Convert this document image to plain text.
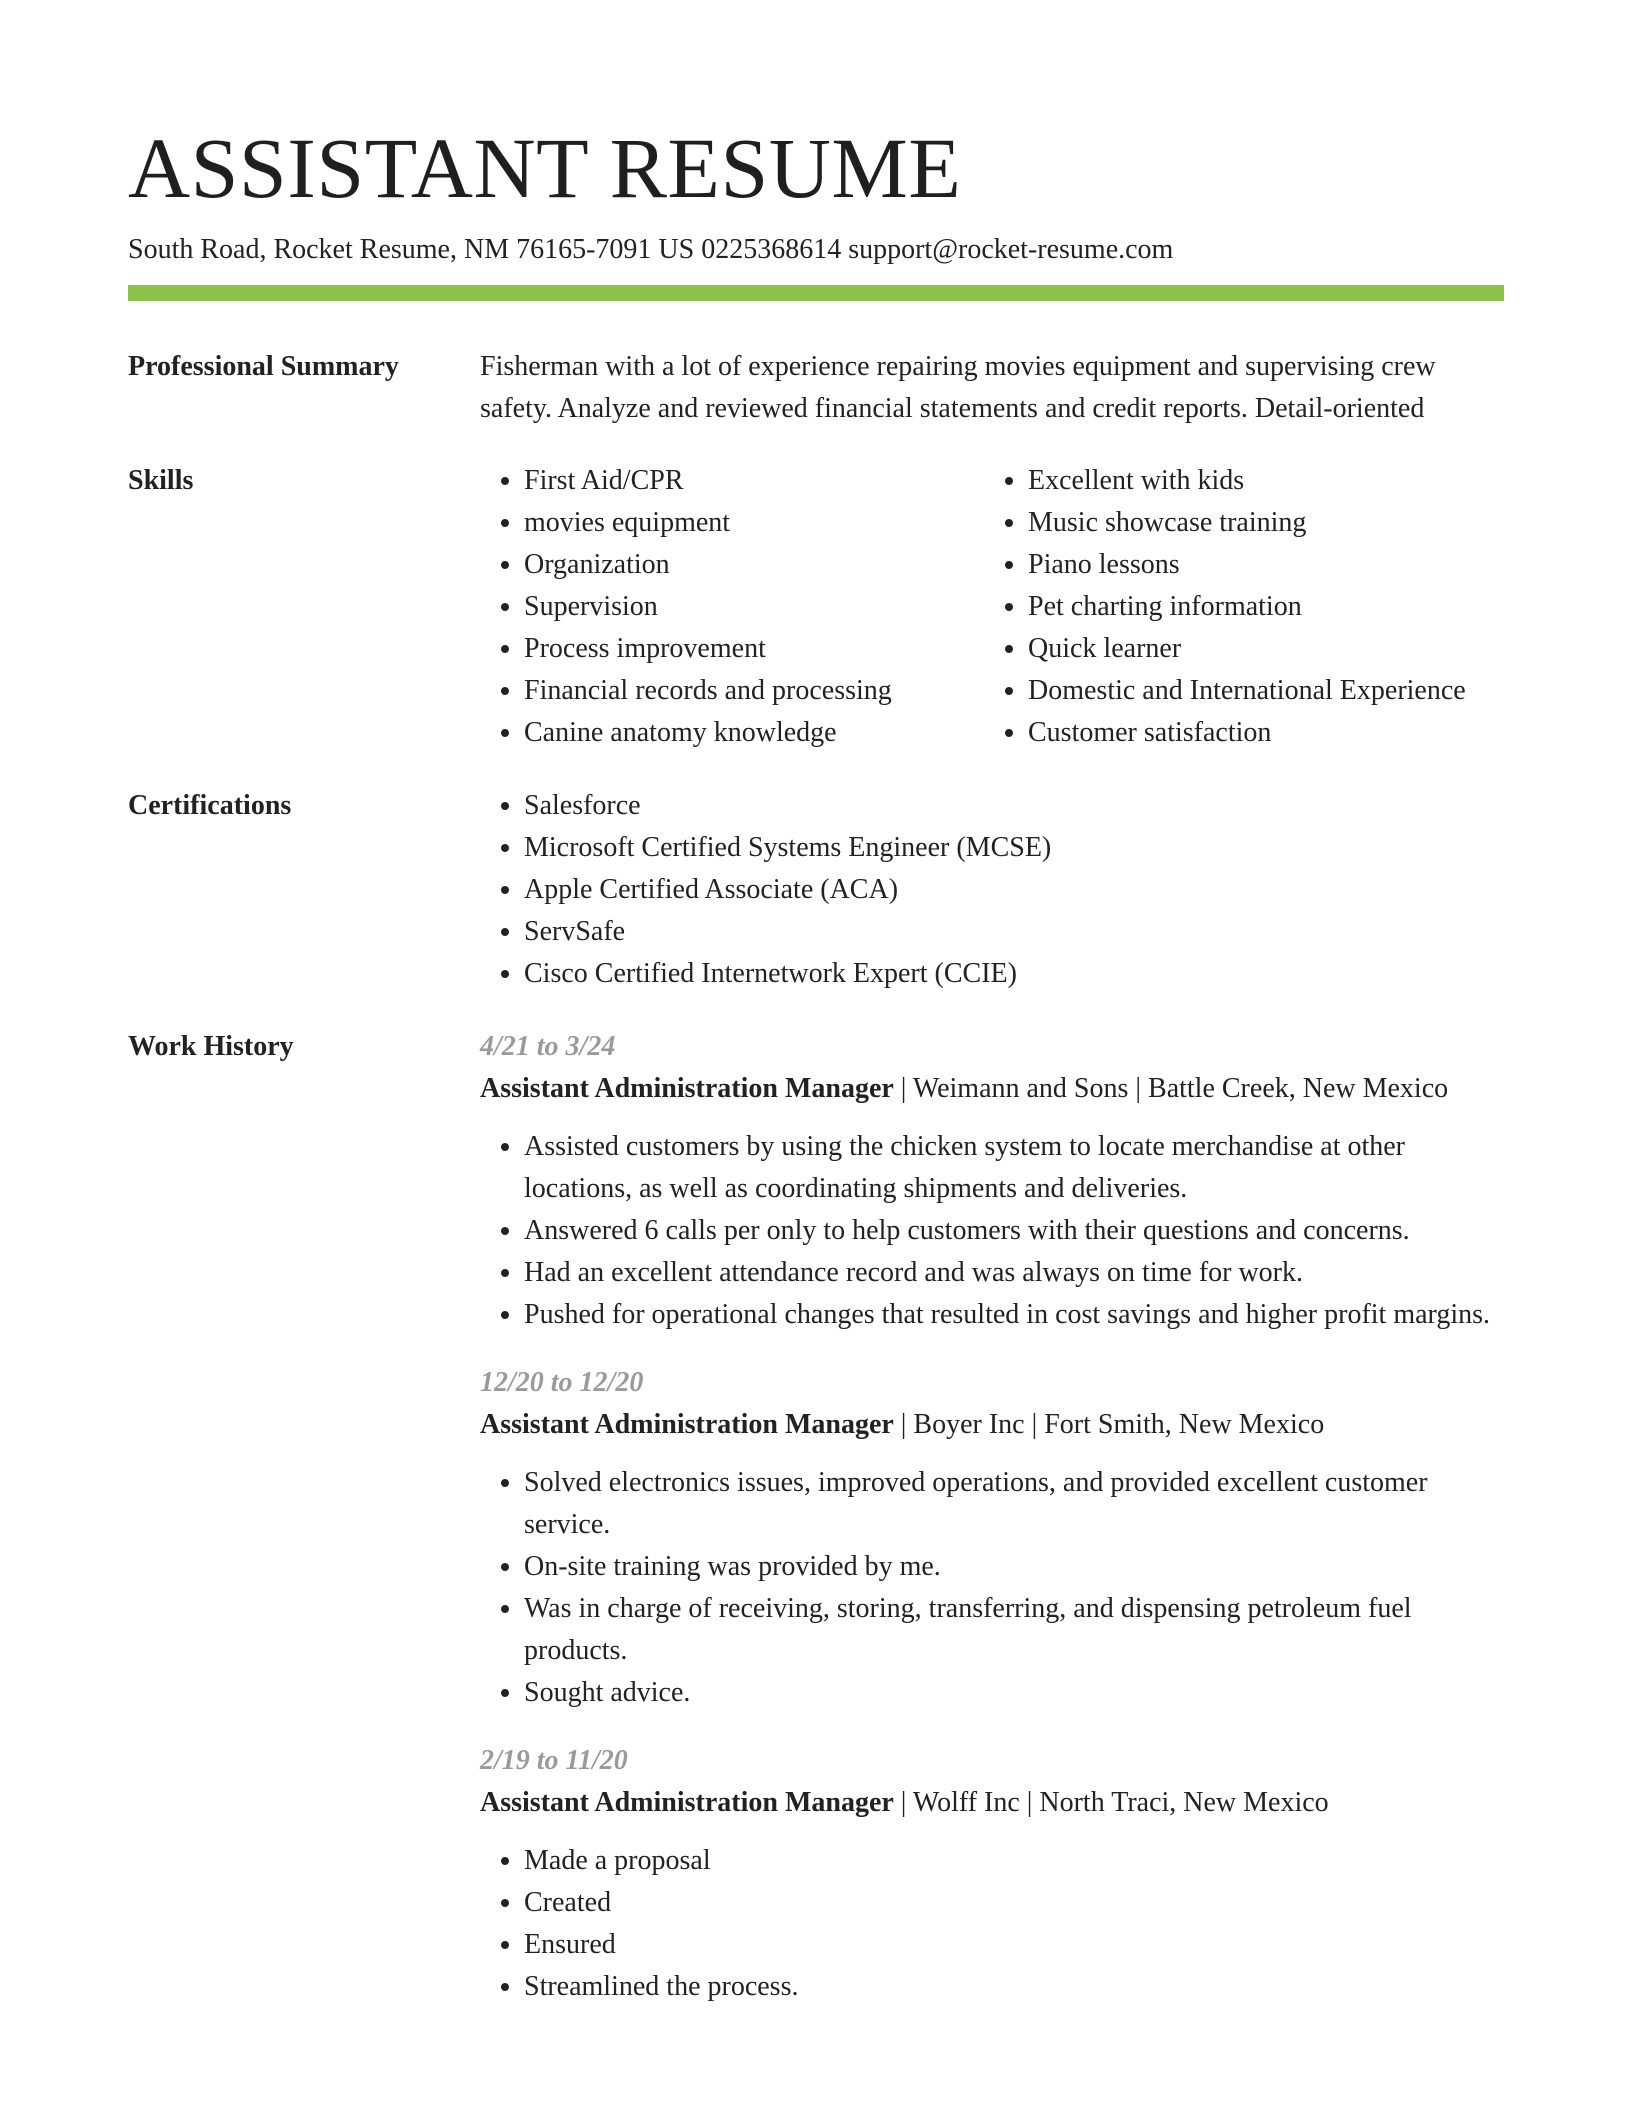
ASSISTANT RESUME
South Road, Rocket Resume, NM 76165-7091 US 0225368614 support@rocket-resume.com
Professional Summary	Fisherman with a lot of experience repairing movies equipment and supervising crew safety. Analyze and reviewed financial statements and credit reports. Detail-oriented

Skills	• First Aid/CPR
• movies equipment
• Organization
• Supervision
• Process improvement
• Financial records and processing
• Canine anatomy knowledge
• Excellent with kids
• Music showcase training
• Piano lessons
• Pet charting information
• Quick learner
• Domestic and International Experience
• Customer satisfaction
Certifications	• Salesforce
• Microsoft Certified Systems Engineer (MCSE)
• Apple Certified Associate (ACA)
• ServSafe
• Cisco Certified Internetwork Expert (CCIE)
Work History	4/21 to 3/24
Assistant Administration Manager | Weimann and Sons | Battle Creek, New Mexico
• Assisted customers by using the chicken system to locate merchandise at other locations, as well as coordinating shipments and deliveries.
• Answered 6 calls per only to help customers with their questions and concerns.
• Had an excellent attendance record and was always on time for work.
• Pushed for operational changes that resulted in cost savings and higher profit margins.
12/20 to 12/20
Assistant Administration Manager | Boyer Inc | Fort Smith, New Mexico
• Solved electronics issues, improved operations, and provided excellent customer service.
• On-site training was provided by me.
• Was in charge of receiving, storing, transferring, and dispensing petroleum fuel products.
• Sought advice.
2/19 to 11/20
Assistant Administration Manager | Wolff Inc | North Traci, New Mexico
• Made a proposal
• Created
• Ensured
• Streamlined the process.
